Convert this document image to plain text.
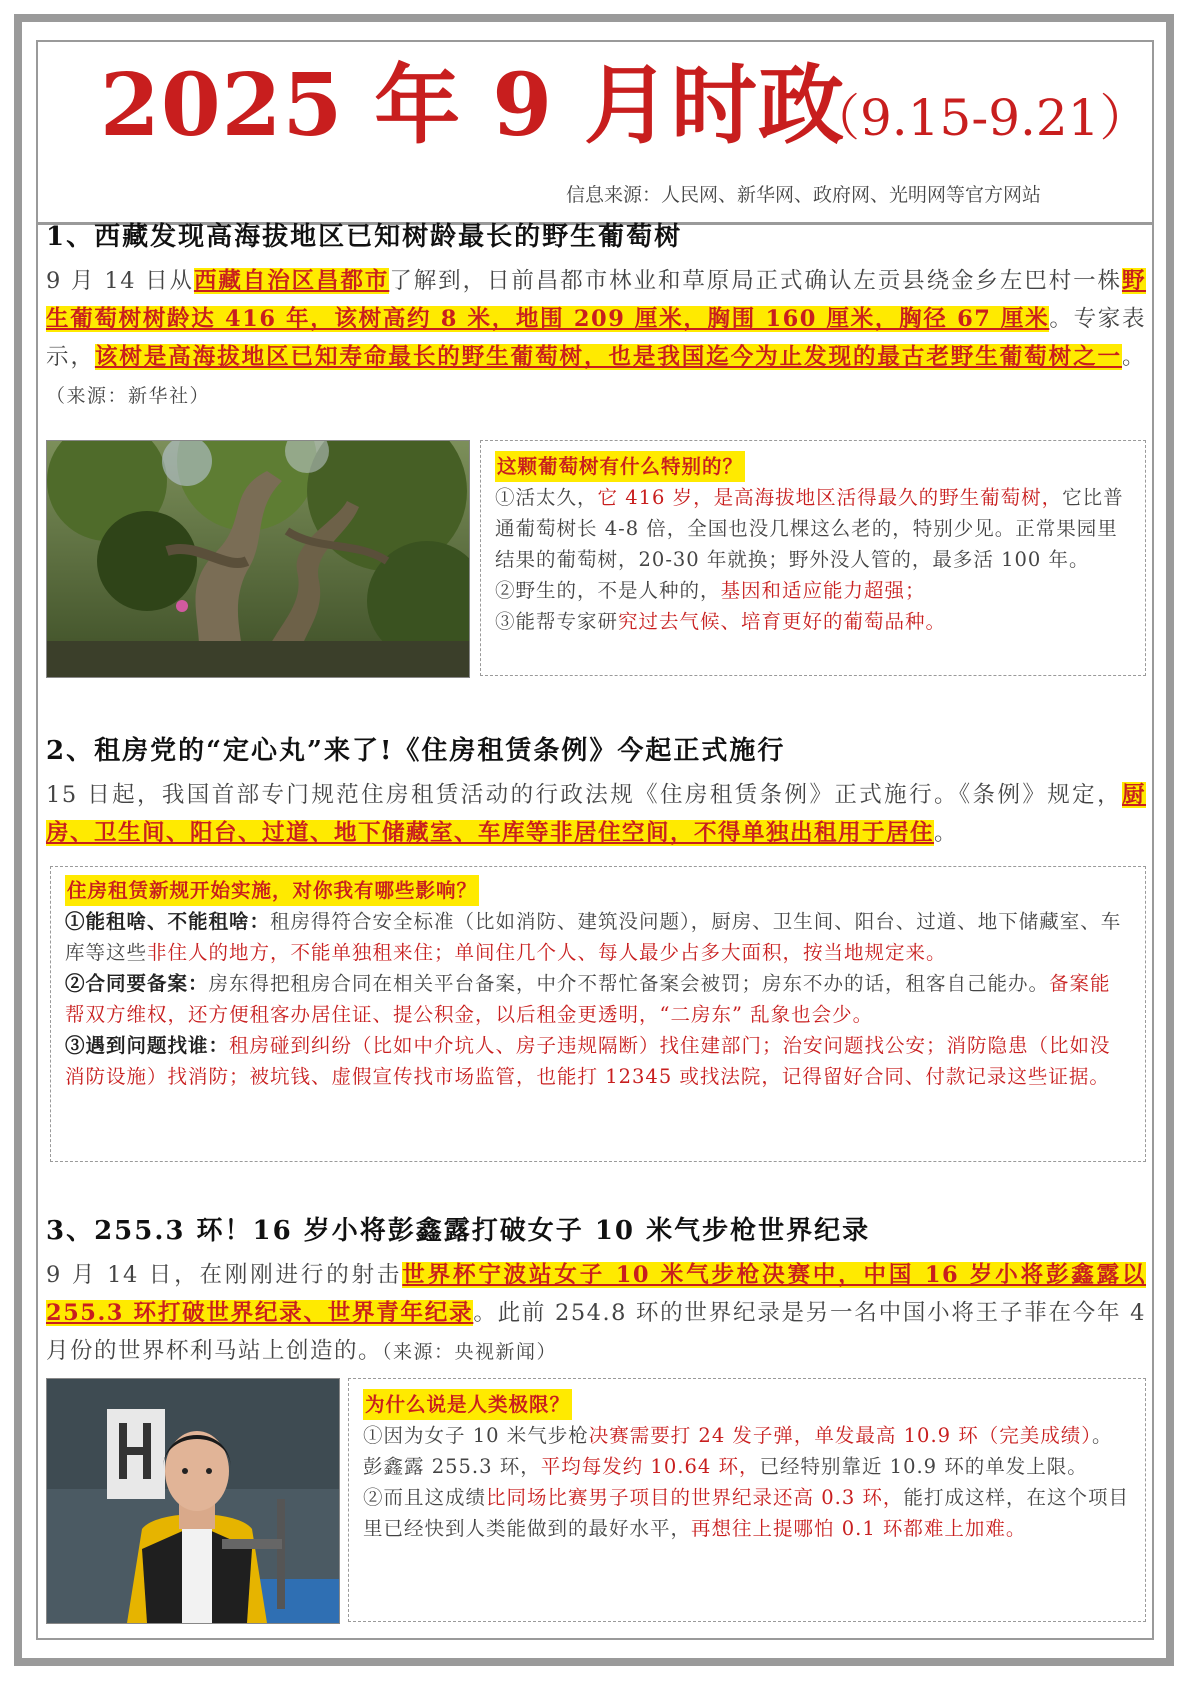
2025 年 9 月时政
（9.15-9.21）
信息来源：人民网、新华网、政府网、光明网等官方网站
1、西藏发现高海拔地区已知树龄最长的野生葡萄树
9 月 14 日从西藏自治区昌都市了解到，日前昌都市林业和草原局正式确认左贡县绕金乡左巴村一株野生葡萄树树龄达 416 年，该树高约 8 米，地围 209 厘米，胸围 160 厘米，胸径 67 厘米。专家表示，该树是高海拔地区已知寿命最长的野生葡萄树，也是我国迄今为止发现的最古老野生葡萄树之一。（来源：新华社）
这颗葡萄树有什么特别的？
①活太久，它 416 岁，是高海拔地区活得最久的野生葡萄树，它比普通葡萄树长 4-8 倍，全国也没几棵这么老的，特别少见。正常果园里结果的葡萄树，20-30 年就换；野外没人管的，最多活 100 年。
②野生的，不是人种的，基因和适应能力超强；
③能帮专家研究过去气候、培育更好的葡萄品种。
2、租房党的“定心丸”来了!《住房租赁条例》今起正式施行
15 日起，我国首部专门规范住房租赁活动的行政法规《住房租赁条例》正式施行。《条例》规定，厨房、卫生间、阳台、过道、地下储藏室、车库等非居住空间，不得单独出租用于居住。
住房租赁新规开始实施，对你我有哪些影响？
①能租啥、不能租啥：租房得符合安全标准（比如消防、建筑没问题），厨房、卫生间、阳台、过道、地下储藏室、车库等这些非住人的地方，不能单独租来住；单间住几个人、每人最少占多大面积，按当地规定来。
②合同要备案：房东得把租房合同在相关平台备案，中介不帮忙备案会被罚；房东不办的话，租客自己能办。备案能帮双方维权，还方便租客办居住证、提公积金，以后租金更透明，“二房东” 乱象也会少。
③遇到问题找谁：租房碰到纠纷（比如中介坑人、房子违规隔断）找住建部门；治安问题找公安；消防隐患（比如没消防设施）找消防；被坑钱、虚假宣传找市场监管，也能打 12345 或找法院，记得留好合同、付款记录这些证据。
3、255.3 环！16 岁小将彭鑫露打破女子 10 米气步枪世界纪录
9 月 14 日，在刚刚进行的射击世界杯宁波站女子 10 米气步枪决赛中，中国 16 岁小将彭鑫露以 255.3 环打破世界纪录、世界青年纪录。此前 254.8 环的世界纪录是另一名中国小将王子菲在今年 4 月份的世界杯利马站上创造的。（来源：央视新闻）
为什么说是人类极限？
①因为女子 10 米气步枪决赛需要打 24 发子弹，单发最高 10.9 环（完美成绩）。彭鑫露 255.3 环，平均每发约 10.64 环，已经特别靠近 10.9 环的单发上限。
②而且这成绩比同场比赛男子项目的世界纪录还高 0.3 环，能打成这样，在这个项目里已经快到人类能做到的最好水平，再想往上提哪怕 0.1 环都难上加难。
